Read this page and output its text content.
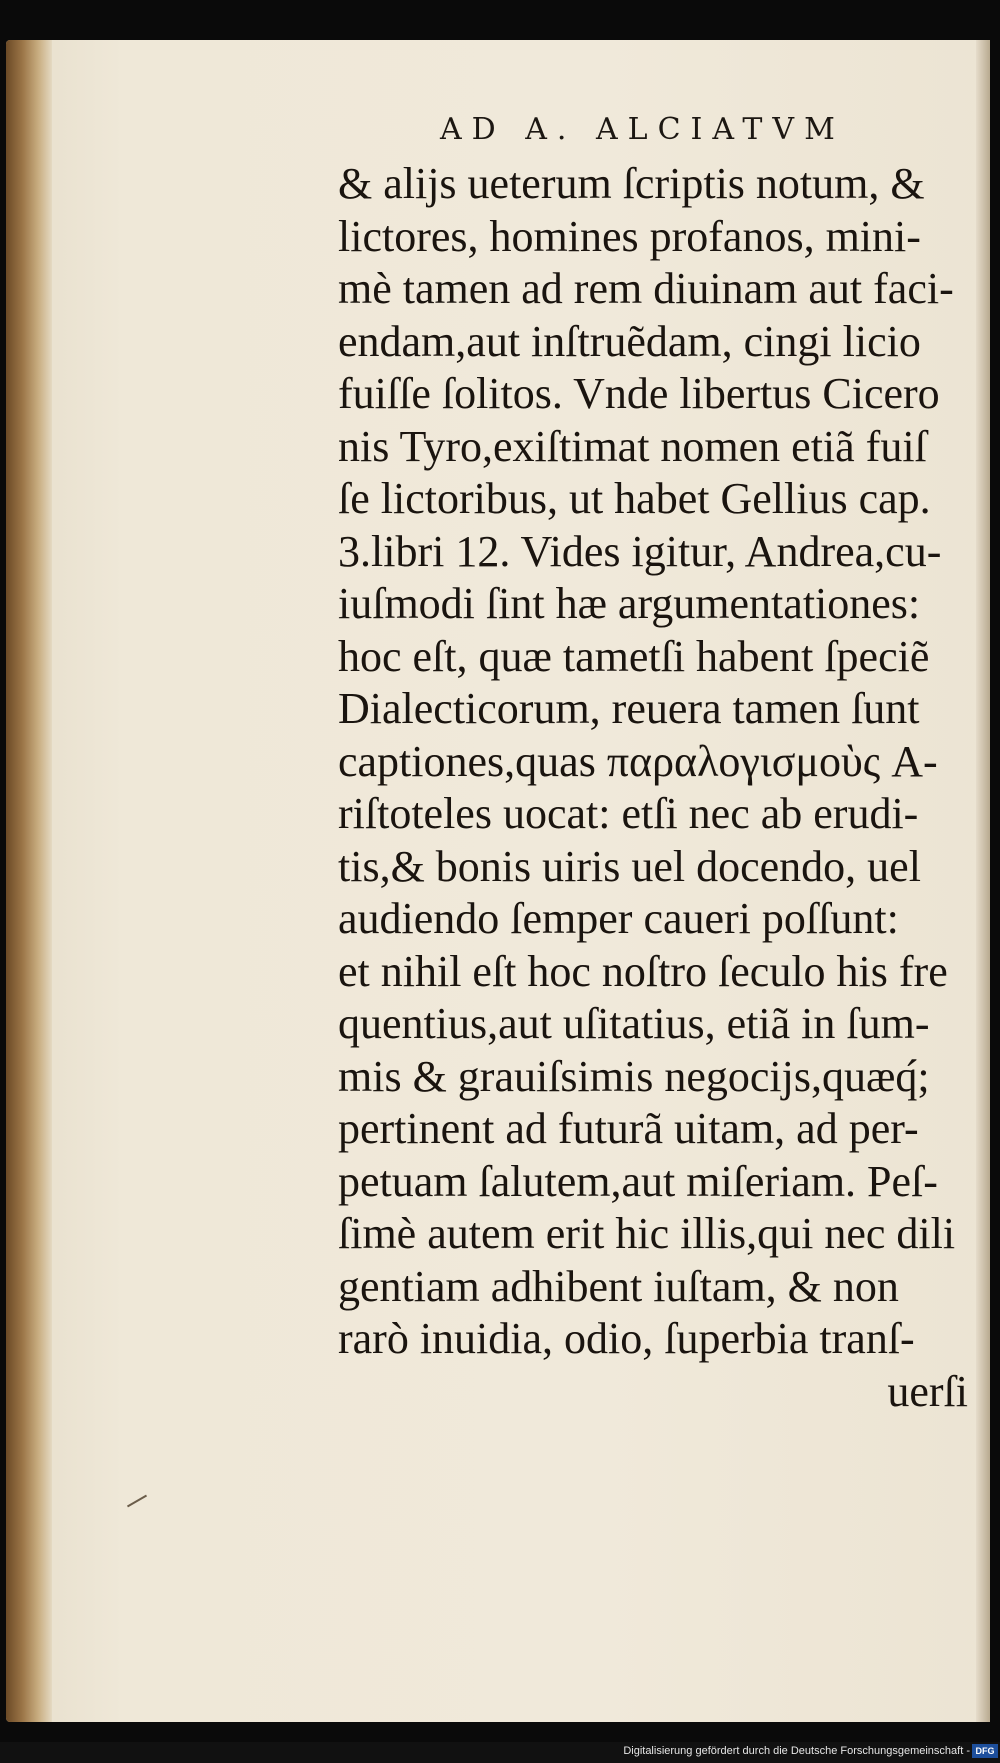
AD A. ALCIATVM
& alijs ueterum ſcriptis notum, &
lictores, homines profanos, mini-
mè tamen ad rem diuinam aut faci-
endam,aut inſtruẽdam, cingi licio
fuiſſe ſolitos. Vnde libertus Cicero
nis Tyro,exiſtimat nomen etiã fuiſ
ſe lictoribus, ut habet Gellius cap.
3.libri 12. Vides igitur, Andrea,cu-
iuſmodi ſint hæ argumentationes:
hoc eſt, quæ tametſi habent ſpeciẽ
Dialecticorum, reuera tamen ſunt
captiones,quas παραλογισμοὺς A-
riſtoteles uocat: etſi nec ab erudi-
tis,& bonis uiris uel docendo, uel
audiendo ſemper caueri poſſunt:
et nihil eſt hoc noſtro ſeculo his fre
quentius,aut uſitatius, etiã in ſum-
mis & grauiſsimis negocijs,quæq́;
pertinent ad futurã uitam, ad per-
petuam ſalutem,aut miſeriam. Peſ-
ſimè autem erit hic illis,qui nec dili
gentiam adhibent iuſtam, & non
rarò inuidia, odio, ſuperbia tranſ-
uerſi
Digitalisierung gefördert durch die Deutsche Forschungsgemeinschaft - DFG
